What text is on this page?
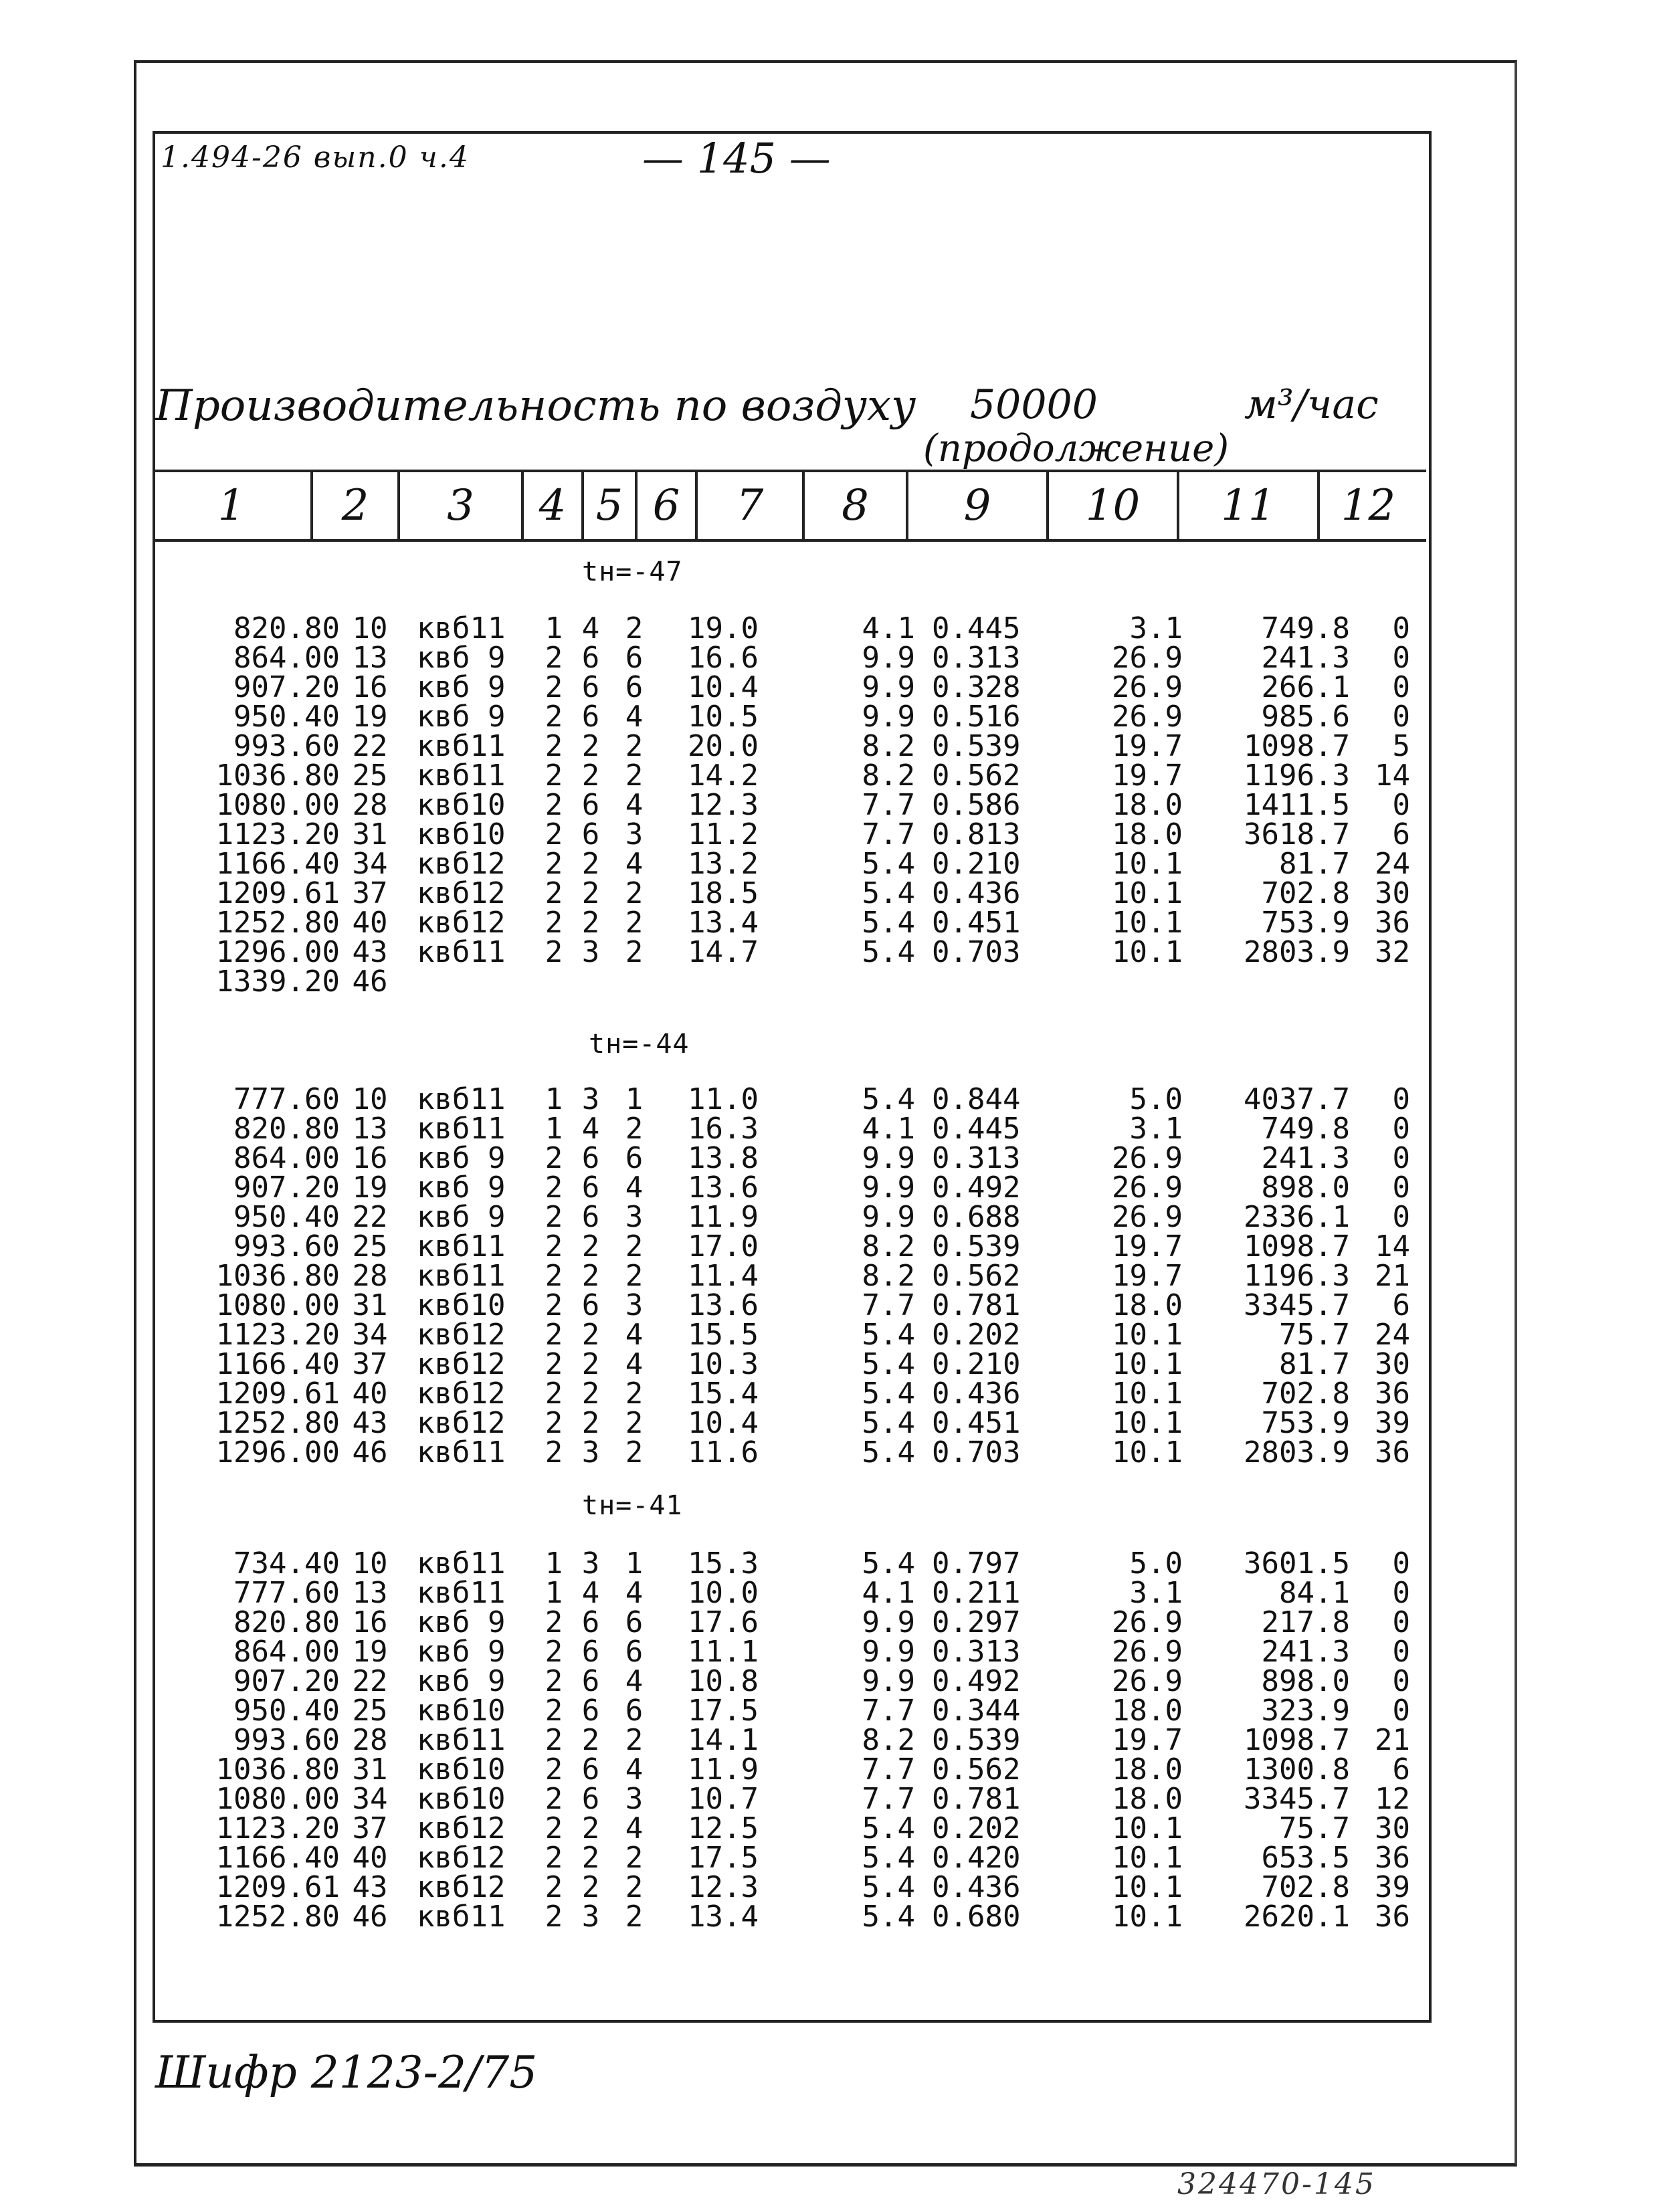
1.494-26 вып.0 ч.4	— 145 —
Производительность по воздуху 50000	м³/час
(продолжение)
1	2	3	4 5 6	7	8	9	10	11	12
tн=-47
820.80 10 квб11	1 4 2	19.0	4.1 0.445	3.1	749.8	0
864.00 13 квб 9	2 6 6	16.6	9.9 0.313	26.9	241.3	0
907.20 16 квб 9	2 6 6	10.4	9.9 0.328	26.9	266.1	0
950.40 19 квб 9	2 6 4	10.5	9.9 0.516	26.9	985.6	0
993.60 22 квб11	2 2 2	20.0	8.2 0.539	19.7	1098.7	5
1036.80 25 квб11	2 2 2	14.2	8.2 0.562	19.7	1196.3 14
1080.00 28 квб10	2 6 4	12.3	7.7 0.586	18.0	1411.5	0
1123.20 31 квб10	2 6 3	11.2	7.7 0.813	18.0	3618.7	6
1166.40 34 квб12	2 2 4	13.2	5.4 0.210	10.1	81.7 24
1209.61 37 квб12	2 2 2	18.5	5.4 0.436	10.1	702.8 30
1252.80 40 квб12	2 2 2	13.4	5.4 0.451	10.1	753.9 36
1296.00 43 квб11	2 3 2	14.7	5.4 0.703	10.1	2803.9 32
1339.20 46
tн=-44
777.60 10 квб11	1 3 1	11.0	5.4 0.844	5.0	4037.7	0
820.80 13 квб11	1 4 2	16.3	4.1 0.445	3.1	749.8	0
864.00 16 квб 9	2 6 6	13.8	9.9 0.313	26.9	241.3	0
907.20 19 квб 9	2 6 4	13.6	9.9 0.492	26.9	898.0	0
950.40 22 квб 9	2 6 3	11.9	9.9 0.688	26.9	2336.1	0
993.60 25 квб11	2 2 2	17.0	8.2 0.539	19.7	1098.7 14
1036.80 28 квб11	2 2 2	11.4	8.2 0.562	19.7	1196.3 21
1080.00 31 квб10	2 6 3	13.6	7.7 0.781	18.0	3345.7	6
1123.20 34 квб12	2 2 4	15.5	5.4 0.202	10.1	75.7 24
1166.40 37 квб12	2 2 4	10.3	5.4 0.210	10.1	81.7 30
1209.61 40 квб12	2 2 2	15.4	5.4 0.436	10.1	702.8 36
1252.80 43 квб12	2 2 2	10.4	5.4 0.451	10.1	753.9 39
1296.00 46 квб11	2 3 2	11.6	5.4 0.703	10.1	2803.9 36
tн=-41
734.40 10 квб11	1 3 1	15.3	5.4 0.797	5.0	3601.5	0
777.60 13 квб11	1 4 4	10.0	4.1 0.211	3.1	84.1	0
820.80 16 квб 9	2 6 6	17.6	9.9 0.297	26.9	217.8	0
864.00 19 квб 9	2 6 6	11.1	9.9 0.313	26.9	241.3	0
907.20 22 квб 9	2 6 4	10.8	9.9 0.492	26.9	898.0	0
950.40 25 квб10	2 6 6	17.5	7.7 0.344	18.0	323.9	0
993.60 28 квб11	2 2 2	14.1	8.2 0.539	19.7	1098.7 21
1036.80 31 квб10	2 6 4	11.9	7.7 0.562	18.0	1300.8	6
1080.00 34 квб10	2 6 3	10.7	7.7 0.781	18.0	3345.7 12
1123.20 37 квб12	2 2 4	12.5	5.4 0.202	10.1	75.7 30
1166.40 40 квб12	2 2 2	17.5	5.4 0.420	10.1	653.5 36
1209.61 43 квб12	2 2 2	12.3	5.4 0.436	10.1	702.8 39
1252.80 46 квб11	2 3 2	13.4	5.4 0.680	10.1	2620.1 36
Шифр 2123-2/75
324470-145
